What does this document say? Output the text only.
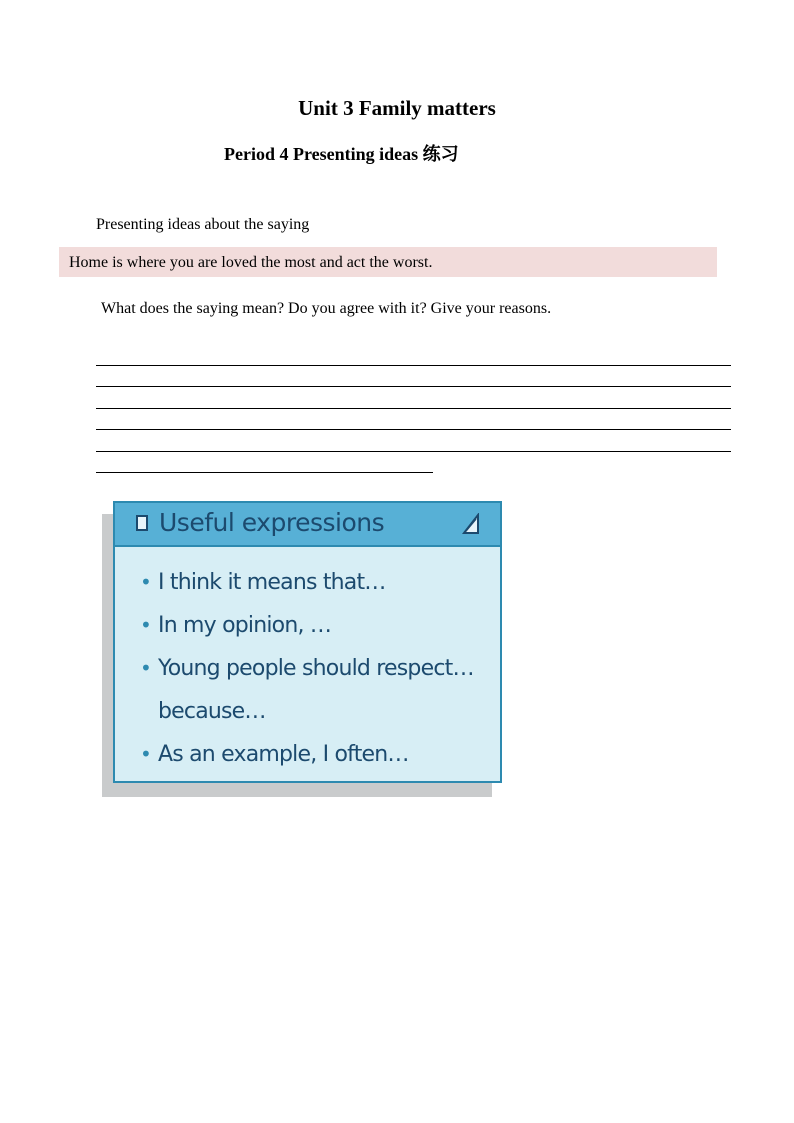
Unit 3 Family matters
Period 4 Presenting ideas 练习
Presenting ideas about the saying
Home is where you are loved the most and act the worst.
What does the saying mean? Do you agree with it? Give your reasons.
Useful expressions
• I think it means that…
• In my opinion, …
• Young people should respect…
because…
• As an example, I often…
